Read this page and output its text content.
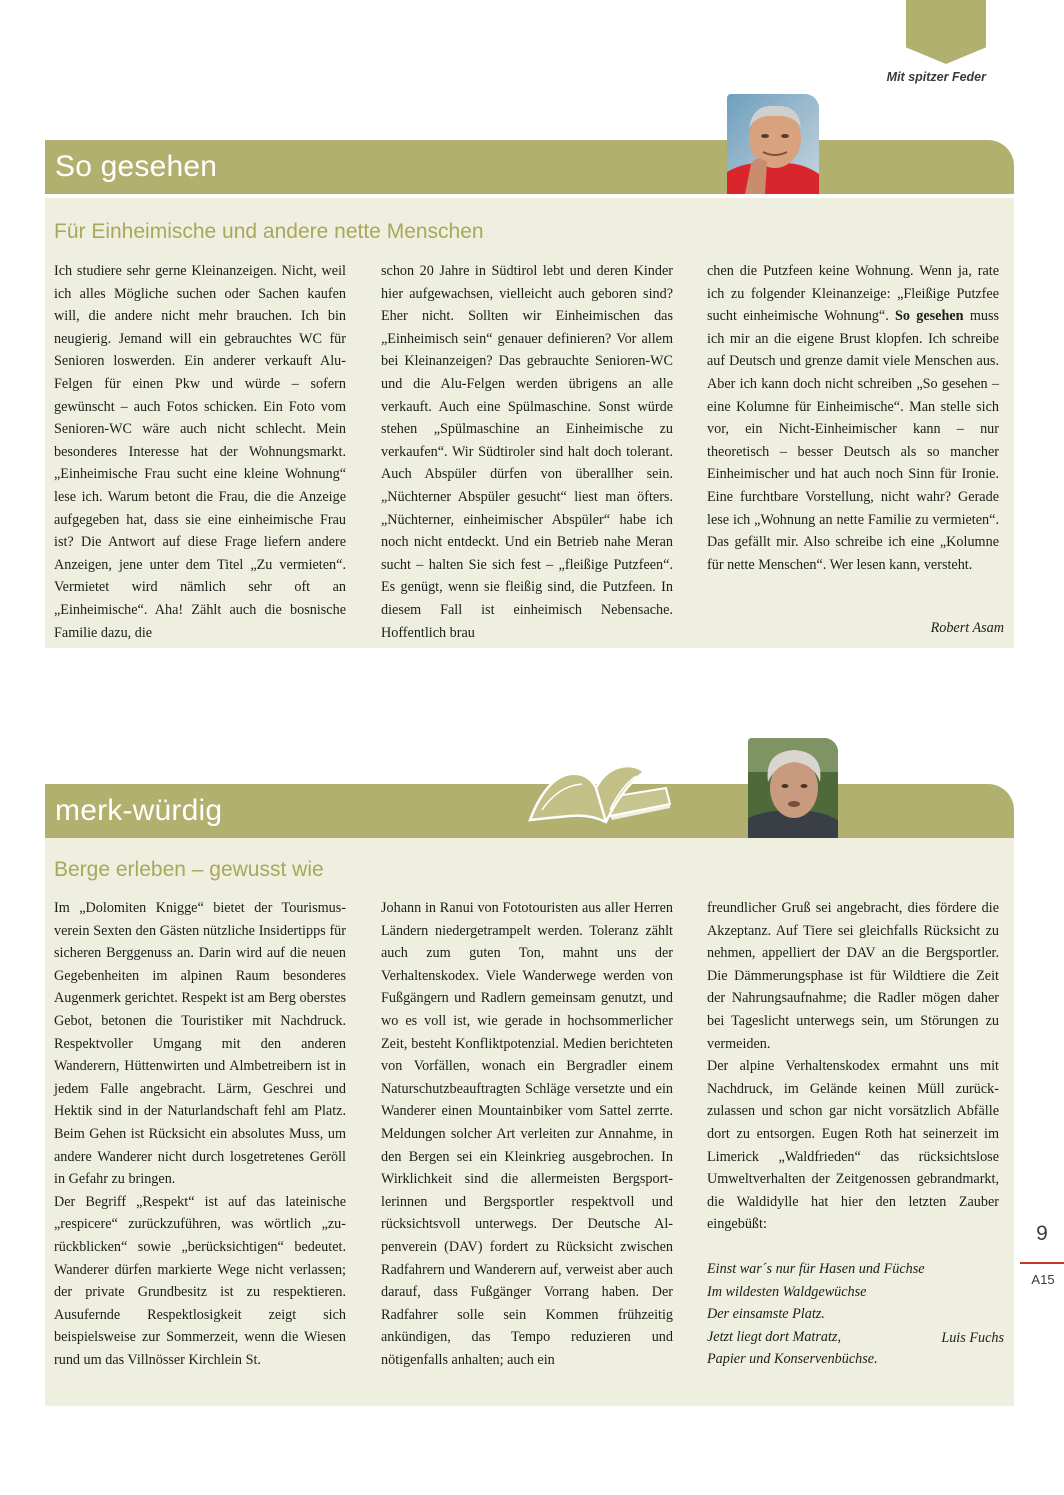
Mit spitzer Feder
So gesehen
Für Einheimische und andere nette Menschen

Ich studiere sehr gerne Kleinanzeigen. Nicht, weil ich alles Mögliche suchen oder Sachen kaufen will, die andere nicht mehr brauchen. Ich bin neugierig. Jemand will ein gebrauchtes WC für Senioren loswerden. Ein anderer verkauft Alu-Felgen für einen Pkw und würde – sofern gewünscht – auch Fotos schicken. Ein Foto vom Senioren-WC wäre auch nicht schlecht. Mein besonderes Interesse hat der Wohnungsmarkt. „Einheimische Frau sucht eine kleine Wohnung“ lese ich. Warum betont die Frau, die die Anzeige aufgegeben hat, dass sie eine einheimische Frau ist? Die Antwort auf diese Frage liefern andere Anzeigen, jene unter dem Titel „Zu vermieten“. Vermietet wird nämlich sehr oft an „Einheimische“. Aha! Zählt auch die bosnische Familie dazu, die

schon 20 Jahre in Südtirol lebt und deren Kinder hier aufgewachsen, vielleicht auch geboren sind? Eher nicht. Sollten wir Einheimischen das „Einheimisch sein“ genauer definieren? Vor allem bei Kleinanzeigen? Das gebrauchte Senioren-WC und die Alu-Felgen werden übrigens an alle verkauft. Auch eine Spülmaschine. Sonst würde stehen „Spülmaschine an Einheimische zu verkaufen“. Wir Südtiroler sind halt doch tolerant. Auch Abspüler dürfen von überallher sein. „Nüchterner Abspüler gesucht“ liest man öfters. „Nüchterner, einheimischer Abspüler“ habe ich noch nicht entdeckt. Und ein Betrieb nahe Meran sucht – halten Sie sich fest – „fleißige Putzfeen“. Es genügt, wenn sie fleißig sind, die Putzfeen. In diesem Fall ist einheimisch Nebensache. Hoffentlich brau

chen die Putzfeen keine Wohnung. Wenn ja, rate ich zu folgender Kleinanzeige: „Fleißige Putzfee sucht einheimische Wohnung“. So gesehen muss ich mir an die eigene Brust klopfen. Ich schreibe auf Deutsch und grenze damit viele Menschen aus. Aber ich kann doch nicht schreiben „So gesehen – eine Kolumne für Einheimische“. Man stelle sich vor, ein Nicht-Einheimischer kann – nur theoretisch – besser Deutsch als so mancher Einheimischer und hat auch noch Sinn für Ironie. Eine furchtbare Vorstellung, nicht wahr? Gerade lese ich „Wohnung an nette Familie zu vermieten“. Das gefällt mir. Also schreibe ich eine „Kolumne für nette Menschen“. Wer lesen kann, versteht.

Robert Asam
merk-würdig
Berge erleben – gewusst wie

Im „Dolomiten Knigge“ bietet der Tourismusverein Sexten den Gästen nützliche Insidertipps für sicheren Berggenuss an. Darin wird auf die neuen Gegebenheiten im alpinen Raum besonderes Augenmerk gerichtet. Respekt ist am Berg oberstes Gebot, betonen die Touristiker mit Nachdruck. Respektvoller Umgang mit den anderen Wanderern, Hüttenwirten und Almbetreibern ist in jedem Falle angebracht. Lärm, Geschrei und Hektik sind in der Naturlandschaft fehl am Platz. Beim Gehen ist Rücksicht ein absolutes Muss, um andere Wanderer nicht durch losgetretenes Geröll in Gefahr zu bringen.

Der Begriff „Respekt“ ist auf das lateinische „respicere“ zurückzuführen, was wörtlich „zurückblicken“ sowie „berücksichtigen“ bedeutet. Wanderer dürfen markierte Wege nicht verlassen; der private Grundbesitz ist zu respektieren. Ausufernde Respektlosigkeit zeigt sich beispielsweise zur Sommerzeit, wenn die Wiesen rund um das Villnösser Kirchlein St.

Johann in Ranui von Fototouristen aus aller Herren Ländern niedergetrampelt werden. Toleranz zählt auch zum guten Ton, mahnt uns der Verhaltenskodex. Viele Wanderwege werden von Fußgängern und Radlern gemeinsam genutzt, und wo es voll ist, wie gerade in hochsommerlicher Zeit, besteht Konfliktpotenzial. Medien berichteten von Vorfällen, wonach ein Bergradler einem Naturschutzbeauftragten Schläge versetzte und ein Wanderer einen Mountainbiker vom Sattel zerrte. Meldungen solcher Art verleiten zur Annahme, in den Bergen sei ein Kleinkrieg ausgebrochen. In Wirklichkeit sind die allermeisten Bergsportlerinnen und Bergsportler respektvoll und rücksichtsvoll unterwegs. Der Deutsche Alpenverein (DAV) fordert zu Rücksicht zwischen Radfahrern und Wanderern auf, verweist aber auch darauf, dass Fußgänger Vorrang haben. Der Radfahrer solle sein Kommen frühzeitig ankündigen, das Tempo reduzieren und nötigenfalls anhalten; auch ein

freundlicher Gruß sei angebracht, dies fördere die Akzeptanz. Auf Tiere sei gleichfalls Rücksicht zu nehmen, appelliert der DAV an die Bergsportler. Die Dämmerungsphase ist für Wildtiere die Zeit der Nahrungsaufnahme; die Radler mögen daher bei Tageslicht unterwegs sein, um Störungen zu vermeiden.

Der alpine Verhaltenskodex ermahnt uns mit Nachdruck, im Gelände keinen Müll zurückzulassen und schon gar nicht vorsätzlich Abfälle dort zu entsorgen. Eugen Roth hat seinerzeit im Limerick „Waldfrieden“ das rücksichtslose Umweltverhalten der Zeitgenossen gebrandmarkt, die Waldidylle hat hier den letzten Zauber eingebüßt:

Einst war´s nur für Hasen und Füchse
Im wildesten Waldgewüchse
Der einsamste Platz.
Jetzt liegt dort Matratz,
Papier und Konservenbüchse.

Luis Fuchs
9
A15
